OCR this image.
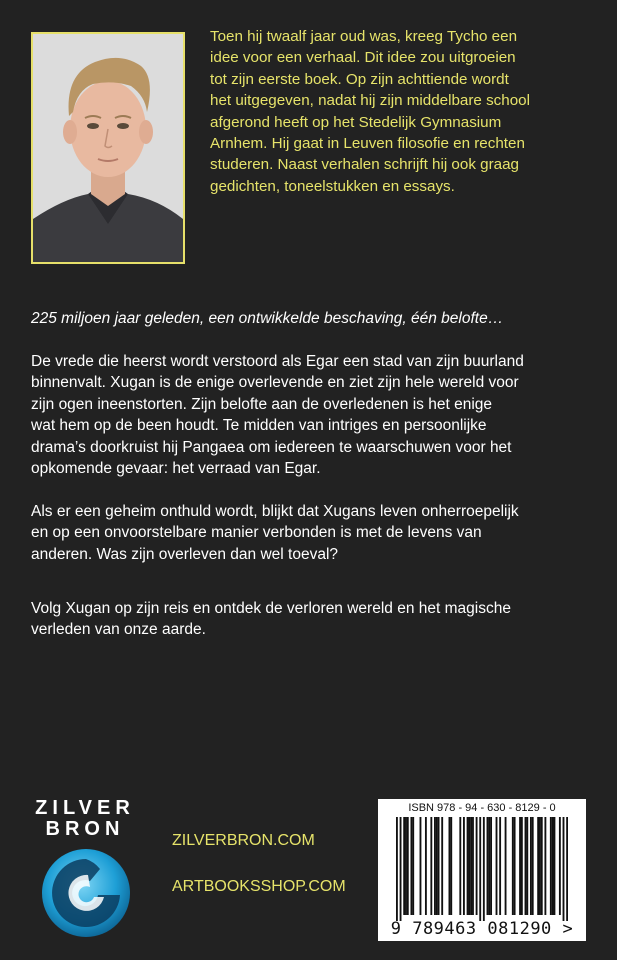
Toen hij twaalf jaar oud was, kreeg Tycho een
idee voor een verhaal. Dit idee zou uitgroeien
tot zijn eerste boek. Op zijn achttiende wordt
het uitgegeven, nadat hij zijn middelbare school
afgerond heeft op het Stedelijk Gymnasium
Arnhem. Hij gaat in Leuven filosofie en rechten
studeren. Naast verhalen schrijft hij ook graag
gedichten, toneelstukken en essays.

225 miljoen jaar geleden, een ontwikkelde beschaving, één belofte…

De vrede die heerst wordt verstoord als Egar een stad van zijn buurland
binnenvalt. Xugan is de enige overlevende en ziet zijn hele wereld voor
zijn ogen ineenstorten. Zijn belofte aan de overledenen is het enige
wat hem op de been houdt. Te midden van intriges en persoonlijke
drama’s doorkruist hij Pangaea om iedereen te waarschuwen voor het
opkomende gevaar: het verraad van Egar.
Als er een geheim onthuld wordt, blijkt dat Xugans leven onherroepelijk
en op een onvoorstelbare manier verbonden is met de levens van
anderen. Was zijn overleven dan wel toeval?
Volg Xugan op zijn reis en ontdek de verloren wereld en het magische
verleden van onze aarde.

ZILVER

BRON

ZILVERBRON.COM

ARTBOOKSSHOP.COM

ISBN 978 - 94 - 630 - 8129 - 0

9 789463 081290 >
